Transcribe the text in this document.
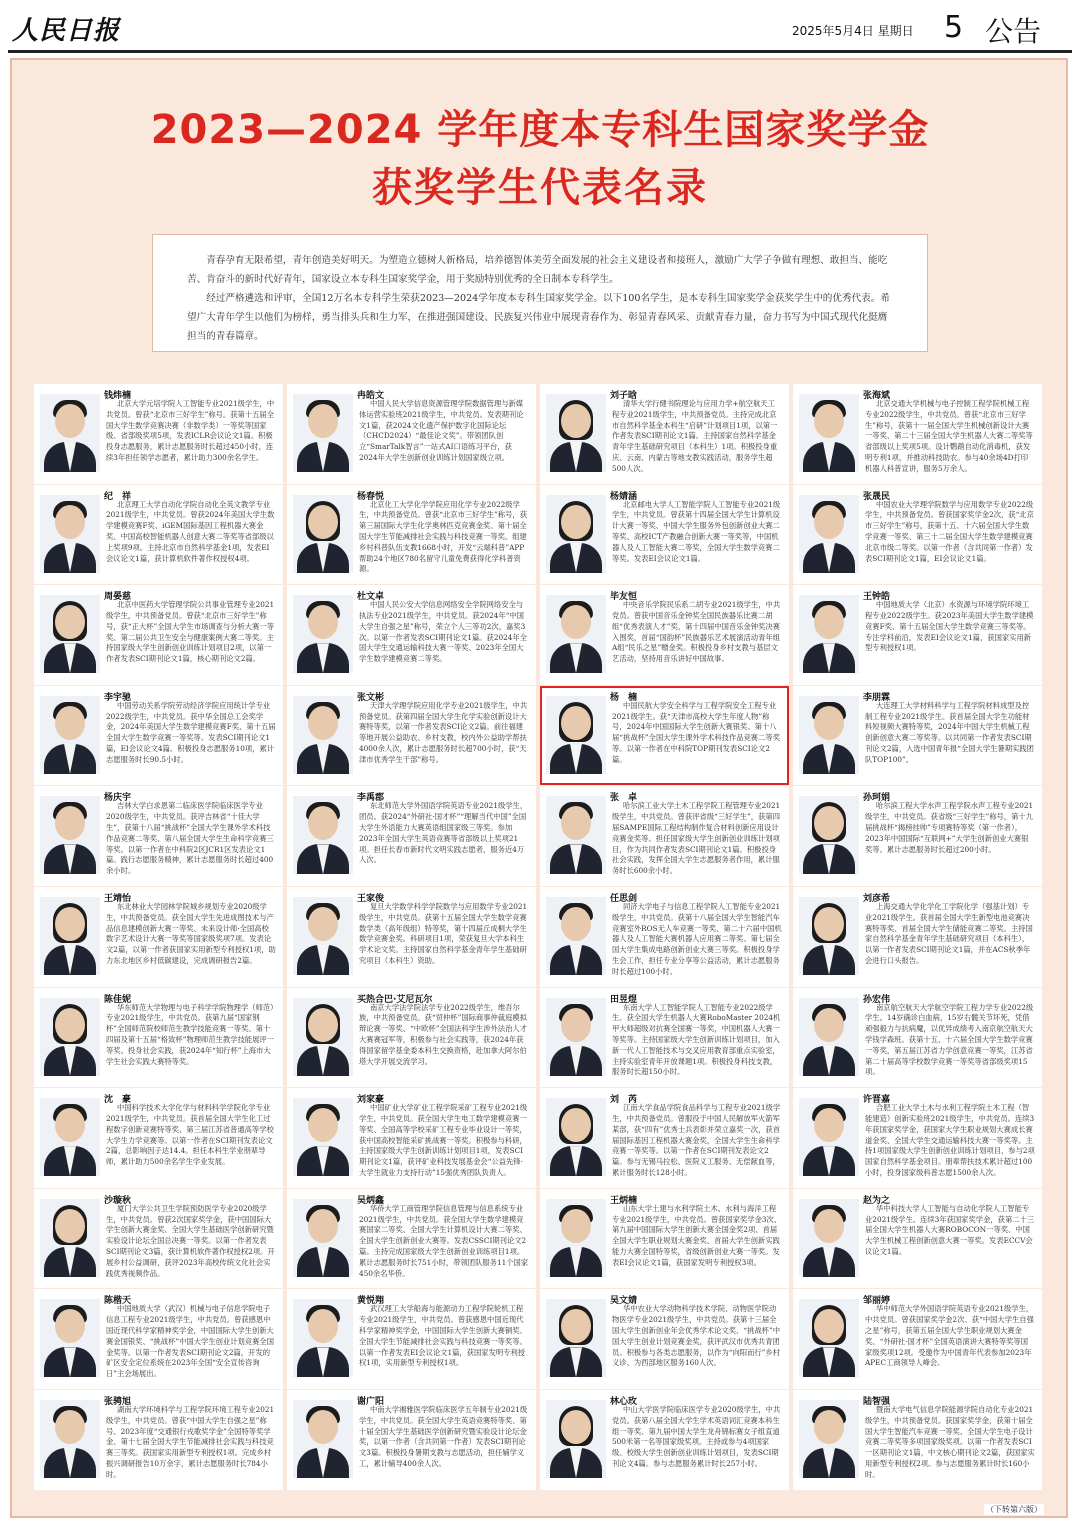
人民日报	2025年5月4日 星期日 5 公告
2023—2024 学年度本专科生国家奖学金
获奖学生代表名录

青春孕育无限希望，青年创造美好明天。为塑造立德树人新格局，培养德智体美劳全面发展的社会主义建设者和接班人，激励广大学子争做有理想、敢担当、能吃苦、肯奋斗的新时代好青年，国家设立本专科生国家奖学金，用于奖励特别优秀的全日制本专科学生。

经过严格遴选和评审，全国12万名本专科学生荣获2023—2024学年度本专科生国家奖学金。以下100名学生，是本专科生国家奖学金获奖学生中的优秀代表。希望广大青年学生以他们为榜样，勇当排头兵和生力军，在推进强国建设、民族复兴伟业中展现青春作为、彰显青春风采、贡献青春力量，奋力书写为中国式现代化挺膺担当的青春篇章。

钱炜楠
北京大学元培学院人工智能专业2021级学生，中共党员。曾获“北京市三好学生”称号。获第十五届全国大学生数学竞赛决赛（非数学类）一等奖等国家级、省部级奖项5项，发表ICLR会议论文1篇。积极投身志愿服务，累计志愿服务时长超过450小时，连续3年担任领学志愿者，累计助力300余名学生。
冉皓文
中国人民大学信息资源管理学院数据管理与新媒体运营实验班2021级学生，中共党员。发表期刊论文1篇，获2024文化遗产保护数字化国际论坛（CHCD2024）“最佳论文奖”。带领团队创立“SmarTalk智言”一站式AI口语练习平台，获2024年大学生创新创业训练计划国家级立项。
刘子晗
清华大学行健书院理论与应用力学+航空航天工程专业2021级学生，中共预备党员。主持完成北京市自然科学基金本科生“启研”计划项目1项，以第一作者发表SCI期刊论文1篇。主持国家自然科学基金青年学生基础研究项目（本科生）1项。积极投身重庆、云南、内蒙古等地支教实践活动，服务学生超500人次。
张海斌
北京交通大学机械与电子控制工程学院机械工程专业2022级学生，中共党员。曾获“北京市三好学生”称号，获第十一届全国大学生机械创新设计大赛一等奖、第二十三届全国大学生机器人大赛二等奖等省部级以上奖项5项。设计鹦鹉自动化消毒机，获发明专利1项，并推动科技助农。参与40余场4D打印机器人科普宣讲，服务5万余人。
纪　祥
北京理工大学自动化学院自动化全英文教学专业2021级学生，中共党员。曾获2024年美国大学生数学建模竞赛F奖、iGEM国际基因工程机器大赛金奖、中国高校智能机器人创意大赛二等奖等省部级以上奖项9项。主持北京市自然科学基金1项，发表EI会议论文1篇，获计算机软件著作权授权4项。
杨春悦
北京化工大学化学学院应用化学专业2022级学生，中共预备党员。曾获“北京市三好学生”称号，获第三届国际大学生化学奥林匹克竞赛金奖、第十届全国大学生节能减排社会实践与科技竞赛一等奖。组建乡村科普队伍支教1668小时，开发“云端科普”APP帮助24个地区780名留守儿童免费获得化学科普资源。
杨婧涵
北京邮电大学人工智能学院人工智能专业2021级学生，中共党员。曾获第十四届全国大学生计算机设计大赛一等奖、中国大学生服务外包创新创业大赛二等奖、高校ICT产教融合创新大赛一等奖等，中国机器人及人工智能大赛二等奖，全国大学生数学竞赛二等奖。发表EI会议论文1篇。
张晟民
中国农业大学理学院数学与应用数学专业2022级学生，中共预备党员。曾获国家奖学金2次，获“北京市三好学生”称号，获第十五、十六届全国大学生数学竞赛一等奖、第三十二届全国大学生数学建模竞赛北京市级二等奖。以第一作者（含共同第一作者）发表SCI期刊论文1篇，EI会议论文1篇。
周晏慈
北京中医药大学管理学院公共事业管理专业2021级学生，中共预备党员。曾获“北京市三好学生”称号，获“正大杯”全国大学生市场调查与分析大赛一等奖、第二届公共卫生安全与健康案例大赛二等奖。主持国家级大学生创新创业训练计划项目2项，以第一作者发表SCI期刊论文1篇，核心期刊论文2篇。
杜文卓
中国人民公安大学信息网络安全学院网络安全与执法专业2021级学生，中共党员。获2024年“中国大学生自强之星”称号，荣立个人三等功2次，嘉奖3次。以第一作者发表SCI期刊论文1篇。获2024年全国大学生交通运输科技大赛一等奖、2023年全国大学生数学建模竞赛二等奖。
毕友恒
中央音乐学院民乐系二胡专业2021级学生，中共党员。曾获中国音乐金钟奖全国民族器乐比赛二胡组“优秀表演人才”奖，第十四届中国音乐金钟奖决赛入围奖，首届“国韵杯”民族器乐艺术展演活动青年组A组“民乐之星”赠金奖。积极投身乡村支教与基层文艺活动，坚持用音乐讲好中国故事。
王钟皓
中国地质大学（北京）水资源与环境学院环境工程专业2022级学生。获2023年美国大学生数学建模竞赛F奖、第十五届全国大学生数学竞赛三等奖等。专注学科前沿，发表EI会议论文1篇，获国家实用新型专利授权1项。
李宇驰
中国劳动关系学院劳动经济学院应用统计学专业2022级学生，中共党员。获中华全国总工会奖学金，2024年美国大学生数学建模竞赛F奖、第十五届全国大学生数学竞赛一等奖等。发表SCI期刊论文1篇，EI会议论文4篇。积极投身志愿服务10项，累计志愿服务时长90.5小时。
张文彬
天津大学理学院应用化学专业2021级学生，中共预备党员。获第四届全国大学生化学实验创新设计大赛特等奖，以第一作者发表SCI论文2篇。前往福建等地开展公益助农、乡村支教，校内外公益助学帮扶4000余人次，累计志愿服务时长超700小时，获“天津市优秀学生干部”称号。
杨　楠
中国民航大学安全科学与工程学院安全工程专业2021级学生。获“天津市高校大学生年度人物”称号，2024年中国国际大学生创新大赛银奖、第十八届“挑战杯”全国大学生课外学术科技作品竞赛二等奖等。以第一作者在中科院TOP期刊发表SCI论文2篇。
李朋霖
大连理工大学材料科学与工程学院材料成型及控制工程专业2021级学生。获首届全国大学生功能材料短视频大赛特等奖，2024年中国大学生机械工程创新创意大赛二等奖等。以共同第一作者发表SCI期刊论文2篇，入选中国青年报“全国大学生暑期实践团队TOP100”。
杨庆宇
吉林大学白求恩第二临床医学院临床医学专业2020级学生，中共党员。获评吉林省“十佳大学生”，获第十八届“挑战杯”全国大学生课外学术科技作品竞赛二等奖、第八届全国大学生生命科学竞赛三等奖。以第一作者在中科院2区JCR1区发表论文1篇。践行志愿服务精神，累计志愿服务时长超过400余小时。
李禹郡
东北师范大学外国语学院英语专业2021级学生，团员。获2024“外研社·国才杯”“理解当代中国”全国大学生外语能力大赛英语组国家级三等奖。参加2023年全国大学生英语竞赛等省部级以上奖项21项。担任长春市新时代文明实践志愿者，服务近4万人次。
张　卓
哈尔滨工业大学土木工程学院工程管理专业2021级学生，中共党员。曾获评省级“三好学生”，获第四届SAMPE国际工程结构制作复合材料创新应用设计竞赛金奖等。担任国家级大学生创新创业训练计划项目，作为共同作者发表SCI期刊论文1篇。积极投身社会实践，发挥全国大学生志愿服务者作用，累计服务时长600余小时。
孙珂娟
哈尔滨工程大学水声工程学院水声工程专业2021级学生，中共党员。获省级“三好学生”称号，第十九届挑战杯“揭榜挂帅”专项赛特等奖（第一作者），2023年中国国际“互联网+”大学生创新创业大赛银奖等。累计志愿服务时长超过200小时。
王靖怡
东北林业大学园林学院城乡规划专业2020级学生，中共预备党员。获全国大学生先进成图技术与产品信息建模创新大赛一等奖、未来设计师·全国高校数字艺术设计大赛一等奖等国家级奖项7项。发表论文2篇，以第一作者获国家实用新型专利授权1项，助力东北地区乡村低碳建设，完成调研报告2篇。
王家俊
复旦大学数学科学学院数学与应用数学专业2021级学生，中共党员。获第十五届全国大学生数学竞赛数学类（高年级组）特等奖，第十四届丘成桐大学生数学竞赛金奖。科研项目1项，荣获复旦大学本科生学术论文奖。主持国家自然科学基金青年学生基础研究项目（本科生）资助。
任思剑
同济大学电子与信息工程学院人工智能专业2021级学生，中共党员。获第十八届全国大学生智能汽车竞赛室外ROS无人车竞赛一等奖、第二十六届中国机器人及人工智能大赛机器人应用赛二等奖、第七届全国大学生集成电路创新创业大赛三等奖。积极投身学生会工作，担任专业分享等公益活动，累计志愿服务时长超过100小时。
刘彦希
上海交通大学化学化工学院化学（强基计划）专业2021级学生。获首届全国大学生新型电池竞赛决赛特等奖、首届全国大学生储能竞赛二等奖。主持国家自然科学基金青年学生基础研究项目（本科生），以第一作者发表SCI期刊论文1篇，并在ACS秋季年会进行口头报告。
陈佳妮
华东师范大学物理与电子科学学院物理学（师范）专业2021级学生，中共党员。获第九届“国家钢杯”全国师范院校师范生教学技能竞赛一等奖、第十四届及第十五届“格致杯”物理师范生教学技能展评一等奖。投身社会实践，获2024年“知行杯”上海市大学生社会实践大赛特等奖。
买热合巴·艾尼瓦尔
南京大学法学院法学专业2022级学生，维吾尔族，中共预备党员。获“贸仲杯”国际商事仲裁庭模拟辩论赛一等奖、“中欧杯”全国法科学生涉外法治人才大赛赛冠军等，积极参与社会实践等，获2024年获得国家留学基金委本科生交换资格，赴加拿大阿尔伯塔大学开展交流学习。
田昱煜
东南大学人工智能学院人工智能专业2022级学生。获全国大学生机器人大赛RoboMaster 2024机甲大师超级对抗赛全国赛一等奖，中国机器人大赛一等奖等。主持国家级大学生创新训练计划项目，加入新一代人工智能技术与交叉应用教育部重点实验室，主持实验室青年开放课题1项。积极投身科技支教，服务时长超150小时。
孙宏伟
南京航空航天大学航空学院工程力学专业2022级学生。14岁确诊白血病，15岁右髋关节坏死，凭借顽强毅力与抗病魔，以优异成绩考入南京航空航天大学钱学森班。获第十五、十六届全国大学生数学竞赛一等奖，第五届江苏省力学创意竞赛一等奖，江苏省第二十届高等学校数学竞赛一等奖等省部级奖项15项。
沈　豪
中国科学技术大学化学与材料科学学院化学专业2021级学生，中共党员。获首届全国大学生化工过程数字创新竞赛特等奖、第三届江苏省普通高等学校大学生力学竞赛等。以第一作者在SCI期刊发表论文2篇，总影响因子达14.4。担任本科生学业朋辈导师，累计助力500余名学生学业发展。
刘家豪
中国矿业大学矿业工程学院采矿工程专业2021级学生，中共党员。获全国大学生电工数学建模竞赛一等奖、全国高等学校采矿工程专业毕业设计一等奖，获中国高校智能采矿挑战赛一等奖。积极参与科研，主持国家级大学生创新训练计划项目1项，发表SCI期刊论文1篇，获评矿业科技发展基金会“公益先锋·大学生就业力支持行动”15强优秀团队负责人。
刘　芮
江南大学食品学院食品科学与工程专业2021级学生，中共预备党员。曾服役于中国人民解放军火箭军某部，获“四有”优秀士兵表彰并荣立嘉奖一次，获首届国际基因工程机器大赛金奖，全国大学生生命科学竞赛一等奖等。以第一作者在SCI期刊发表论文2篇。参与无锡马拉松、医院义工服务、无偿献血等，累计服务时长128小时。
许晋嘉
合肥工业大学土木与水利工程学院土木工程（智能建造）创新实验班2021级学生，中共党员。连续3年获国家奖学金，获国家大学生职业规划大赛成长赛道金奖、全国大学生交通运输科技大赛一等奖等。主持1项国家级大学生创新创业训练计划项目，参与2项国家自然科学基金项目。朋辈帮扶技术累计超过100小时，投身国家级科普志愿1500余人次。
沙璇秋
厦门大学公共卫生学院预防医学专业2020级学生，中共党员。曾获2次国家奖学金，获中国国际大学生创新大赛金奖、全国大学生基础医学创新研究暨实验设计论坛全国总决赛一等奖。以第一作者发表SCI期刊论文3篇，获计算机软件著作权授权2项。开展乡村公益调研，获评2023年高校传统文化社会实践优秀视频作品。
吴炳鑫
华侨大学工商管理学院信息管理与信息系统专业2021级学生，中共党员。获全国大学生数学建模竞赛国家二等奖、全国大学生计算机设计大赛二等奖、全国大学生创新创业大赛等。发表CSSCI期刊论文2篇。主持完成国家级大学生创新创业训练项目1项。累计志愿服务时长751小时，带领团队服务11个国家450余名华侨。
王炳楠
山东大学土建与水利学院土木、水利与海洋工程专业2021级学生，中共党员。曾获国家奖学金3次、第九届中国国际大学生创新大赛全国金奖2项、首届全国大学生职业规划大赛金奖、首届大学生创新实践能力大赛全国特等奖，省级创新创业大赛一等奖。发表EI会议论文1篇，获国家发明专利授权3项。
赵为之
华中科技大学人工智能与自动化学院人工智能专业2021级学生。连续3年获国家奖学金，获第二十三届全国大学生机器人大赛ROBOCON一等奖、中国大学生机械工程创新创意大赛一等奖。发表ECCV会议论文1篇。
陈楷天
中国地质大学（武汉）机械与电子信息学院电子信息工程专业2021级学生，中共党员。曾获感恩中国近现代科学家精神奖学金，中国国际大学生创新大赛金国银奖、“挑战杯”中国大学生创业计划竞赛全国金奖等。以第一作者发表SCI期刊论文2篇，开发的矿区安全定位系统在2023年全国“安全宣传咨询日”主会场展出。
黄悦翔
武汉理工大学船海与能源动力工程学院轮机工程专业2021级学生，中共党员。曾获感恩中国近现代科学家精神奖学金，中国国际大学生创新大赛铜奖、全国大学生节能减排社会实践与科技竞赛一等奖等。以第一作者发表EI会议论文1篇，获国家发明专利授权1项，实用新型专利授权1项。
吴文婧
华中农业大学动物科学技术学院、动物医学院动物医学专业2021级学生，中共党员。获第十三届全国大学生创新创业年会优秀学术论文奖、“挑战杯”中国大学生创业计划竞赛金奖，获评武汉市优秀共青团员。积极参与各类志愿服务，以作为“向阳而行”乡村义诊、为西部地区服务160人次。
邹丽婷
华中师范大学外国语学院英语专业2021级学生，中共党员。曾获国家奖学金2次、获“中国大学生自强之星”称号，获第五届全国大学生职业规划大赛金奖、“外研社·国才杯”全国英语演讲大赛特等奖等国家级奖项12项。受邀作为中国青年代表参加2023年APEC工商领导人峰会。
张骋旭
湖南大学环境科学与工程学院环境工程专业2021级学生，中共党员。曾获“中国大学生自强之星”称号、2023年度“交通银行戎歌奖学金”全国特等奖学金、第十七届全国大学生节能减排社会实践与科技竞赛三等奖。获国家实用新型专利授权1项。完成乡村振兴调研报告10万余字，累计志愿服务时长784小时。
谢广阳
中南大学湘雅医学院临床医学五年制专业2021级学生，中共党员。获全国大学生英语竞赛特等奖、第十届全国大学生基础医学创新研究暨实验设计论坛金奖，以第一作者（含共同第一作者）发表SCI期刊论文3篇。积极投身暑期支教与志愿活动，担任辅学义工，累计辅导400余人次。
林心玫
中山大学医学院临床医学专业2020级学生，中共党员。获第八届全国大学生学术英语词汇竞赛本科生组一等奖、第九届中国大学生龙舟锦标赛女子组直道500米第一名等国家级奖项。主持或参与4项国家级、校级大学生创新创业训练计划项目，发表SCI期刊论文4篇。参与志愿服务累计时长257小时。
陆智强
暨南大学电气信息学院能源学院自动化专业2021级学生，中共预备党员。获国家奖学金，获第十届全国大学生智能汽车竞赛一等奖、全国大学生电子设计竞赛二等奖等多项国家级奖项。以第一作者发表SCI一区期刊论文1篇，中文核心期刊论文2篇，获国家实用新型专利授权2项。参与志愿服务累计时长160小时。
（下转第六版）
